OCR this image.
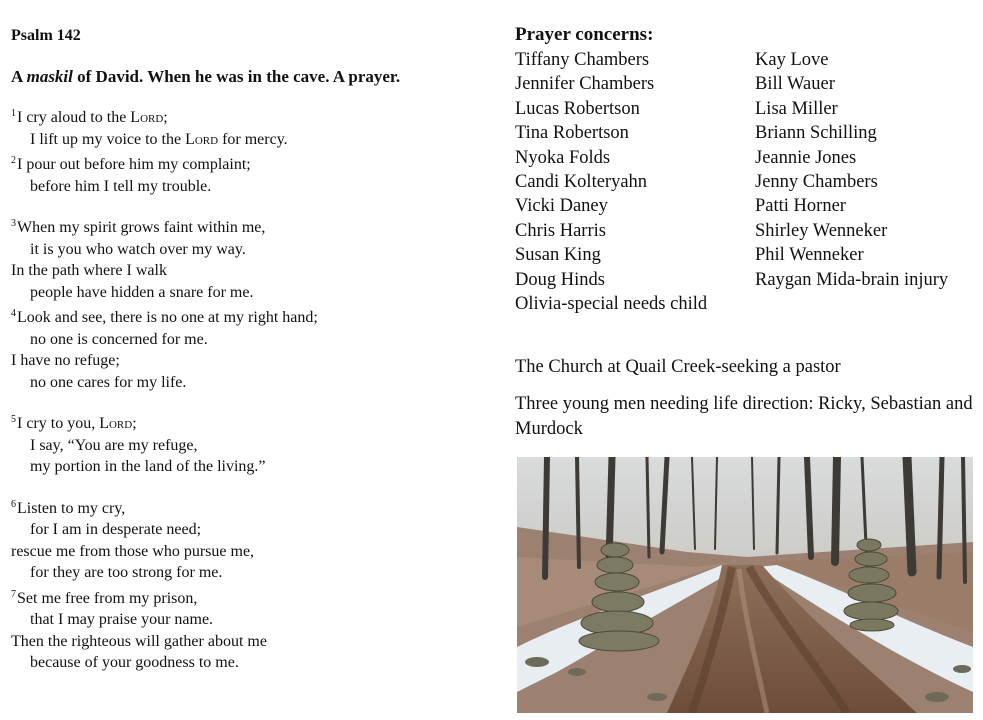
Psalm 142
A maskil of David. When he was in the cave. A prayer.
$^1$I cry aloud to the Lord;
I lift up my voice to the Lord for mercy.
$^2$I pour out before him my complaint;
before him I tell my trouble.
$^3$When my spirit grows faint within me,
it is you who watch over my way.
In the path where I walk
people have hidden a snare for me.
$^4$Look and see, there is no one at my right hand;
no one is concerned for me.
I have no refuge;
no one cares for my life.
$^5$I cry to you, Lord;
I say, “You are my refuge,
my portion in the land of the living.”
$^6$Listen to my cry,
for I am in desperate need;
rescue me from those who pursue me,
for they are too strong for me.
$^7$Set me free from my prison,
that I may praise your name.
Then the righteous will gather about me
because of your goodness to me.
Prayer concerns:
Tiffany Chambers
Jennifer Chambers
Lucas Robertson
Tina Robertson
Nyoka Folds
Candi Kolteryahn
Vicki Daney
Chris Harris
Susan King
Doug Hinds
Olivia-special needs child
Kay Love
Bill Wauer
Lisa Miller
Briann Schilling
Jeannie Jones
Jenny Chambers
Patti Horner
Shirley Wenneker
Phil Wenneker
Raygan Mida-brain injury
The Church at Quail Creek-seeking a pastor
Three young men needing life direction: Ricky, Sebastian and Murdock
